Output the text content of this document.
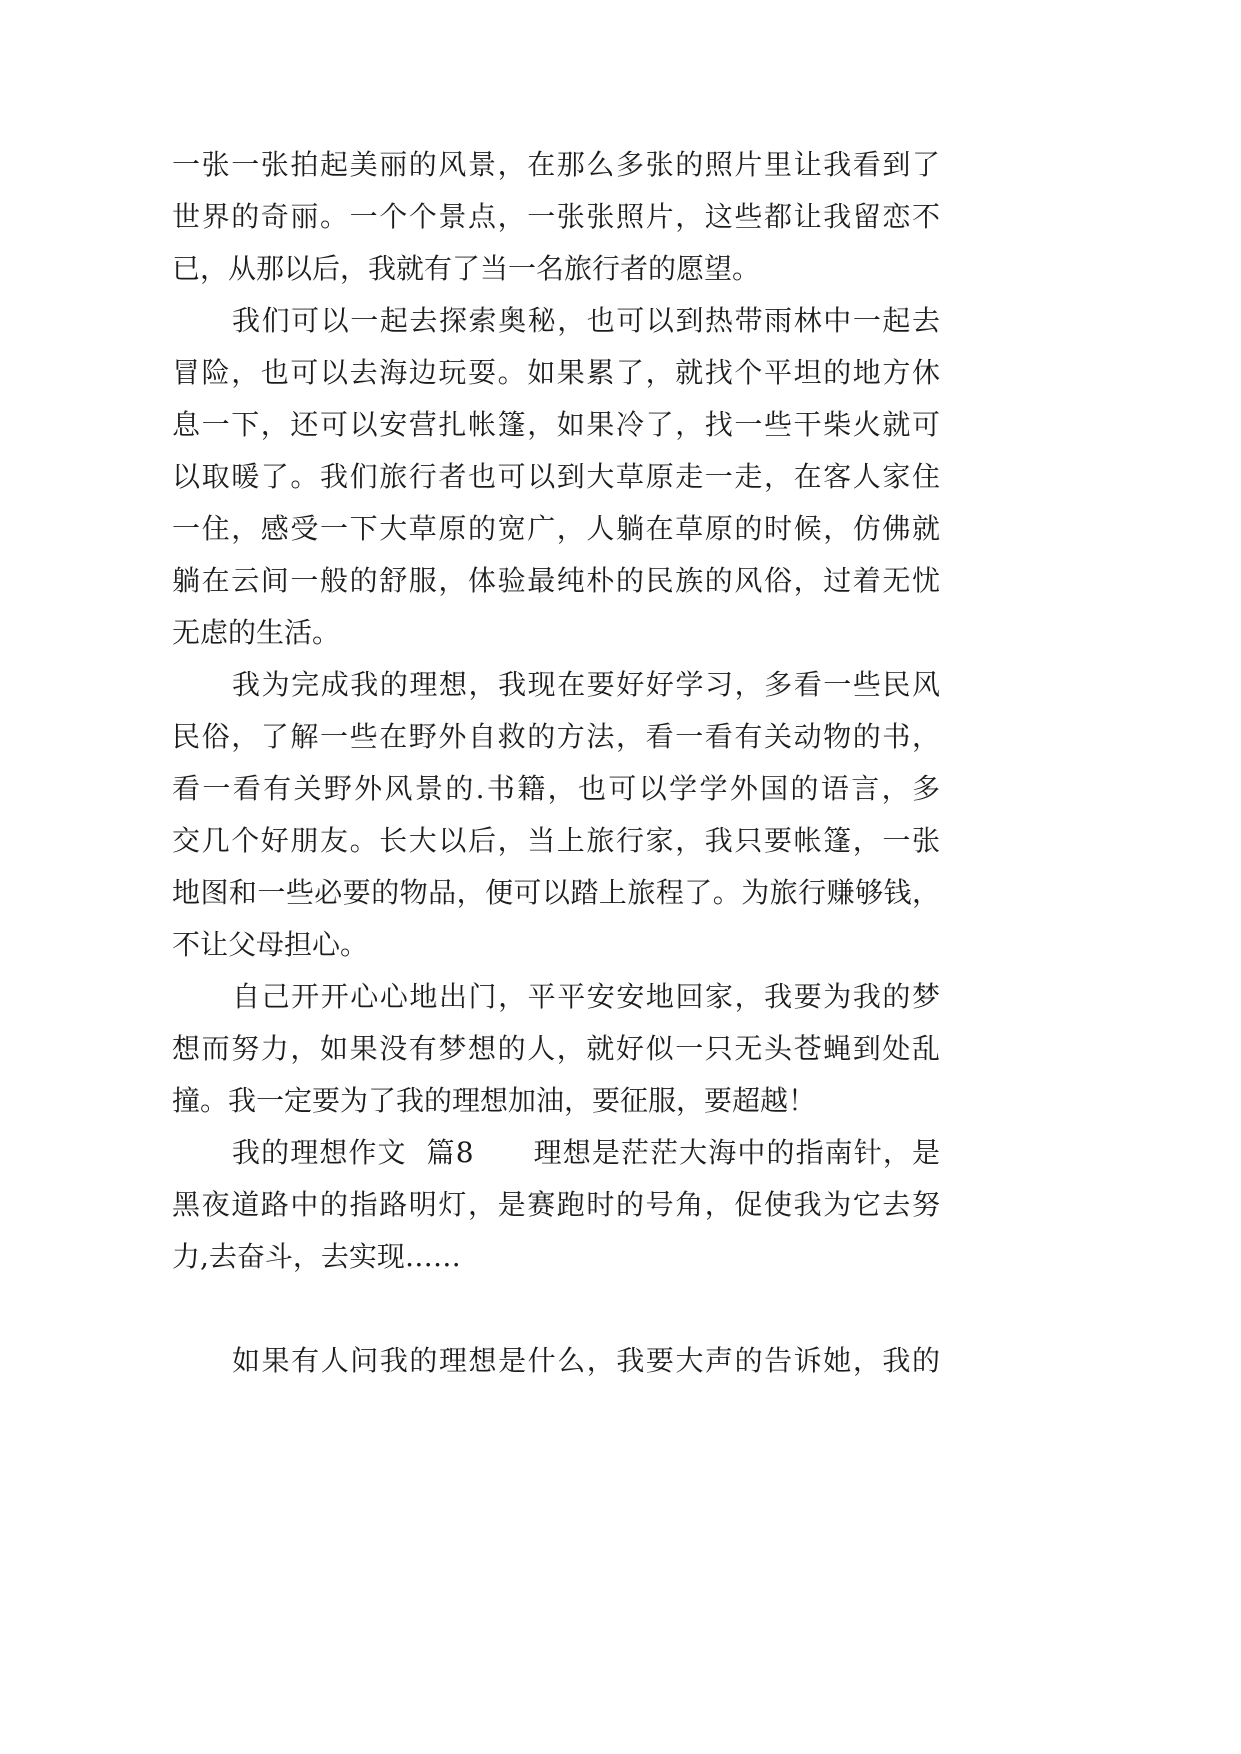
一张一张拍起美丽的风景，在那么多张的照片里让我看到了
世界的奇丽。一个个景点，一张张照片，这些都让我留恋不
已，从那以后，我就有了当一名旅行者的愿望。
我们可以一起去探索奥秘，也可以到热带雨林中一起去
冒险，也可以去海边玩耍。如果累了，就找个平坦的地方休
息一下，还可以安营扎帐篷，如果冷了，找一些干柴火就可
以取暖了。我们旅行者也可以到大草原走一走，在客人家住
一住，感受一下大草原的宽广，人躺在草原的时候，仿佛就
躺在云间一般的舒服，体验最纯朴的民族的风俗，过着无忧
无虑的生活。
我为完成我的理想，我现在要好好学习，多看一些民风
民俗，了解一些在野外自救的方法，看一看有关动物的书，
看一看有关野外风景的.书籍，也可以学学外国的语言，多
交几个好朋友。长大以后，当上旅行家，我只要帐篷，一张
地图和一些必要的物品，便可以踏上旅程了。为旅行赚够钱，
不让父母担心。
自己开开心心地出门，平平安安地回家，我要为我的梦
想而努力，如果没有梦想的人，就好似一只无头苍蝇到处乱
撞。我一定要为了我的理想加油，要征服，要超越！
我的理想作文  篇8      理想是茫茫大海中的指南针，是
黑夜道路中的指路明灯，是赛跑时的号角，促使我为它去努
力,去奋斗，去实现……
如果有人问我的理想是什么，我要大声的告诉她，我的
